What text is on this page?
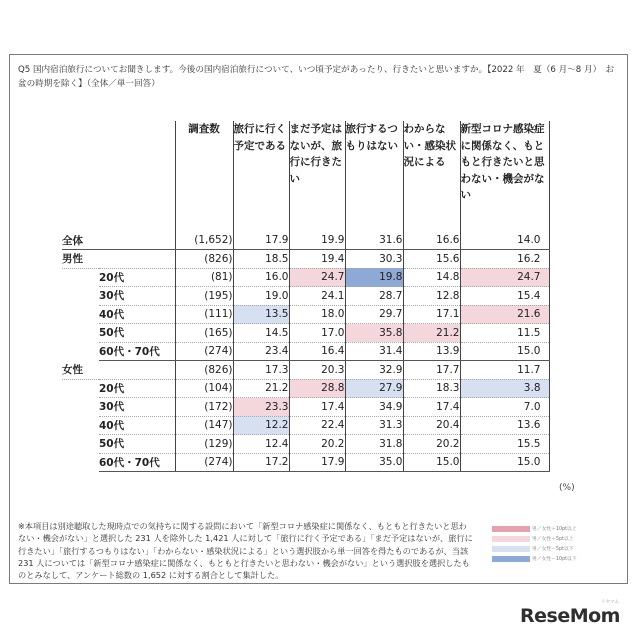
Q5 国内宿泊旅行についてお聞きします。今後の国内宿泊旅行について、いつ頃予定があったり、行きたいと思いますか。【2022 年　夏（6 月～8 月）　お盆の時期を除く】（全体／単一回答）
		調査数	旅行に行く予定である	まだ予定はないが、旅行に行きたい	旅行するつもりはない	わからない・感染状況による	新型コロナ感染症に関係なく、もともと行きたいと思わない・機会がない
全体		(1,652)	17.9	19.9	31.6	16.6	14.0
男性		(826)	18.5	19.4	30.3	15.6	16.2
	20代	(81)	16.0	24.7	19.8	14.8	24.7
	30代	(195)	19.0	24.1	28.7	12.8	15.4
	40代	(111)	13.5	18.0	29.7	17.1	21.6
	50代	(165)	14.5	17.0	35.8	21.2	11.5
	60代・70代	(274)	23.4	16.4	31.4	13.9	15.0
女性		(826)	17.3	20.3	32.9	17.7	11.7
	20代	(104)	21.2	28.8	27.9	18.3	3.8
	30代	(172)	23.3	17.4	34.9	17.4	7.0
	40代	(147)	12.2	22.4	31.3	20.4	13.6
	50代	(129)	12.4	20.2	31.8	20.2	15.5
	60代・70代	(274)	17.2	17.9	35.0	15.0	15.0
(%)
※本項目は別途聴取した現時点での気持ちに関する設問において「新型コロナ感染症に関係なく、もともと行きたいと思わない・機会がない」と選択した 231 人を除外した 1,421 人に対して「旅行に行く予定である」「まだ予定はないが、旅行に行きたい」「旅行するつもりはない」「わからない・感染状況による」という選択肢から単一回答を得たものであるが、当該 231 人については「新型コロナ感染症に関係なく、もともと行きたいと思わない・機会がない」という選択肢を選択したものとみなして、アンケート総数の 1,652 に対する割合として集計した。
男／女性＋10pt以上
男／女性＋5pt以上
男／女性－5pt以下
男／女性－10pt以下
ReseMom
リセマム
